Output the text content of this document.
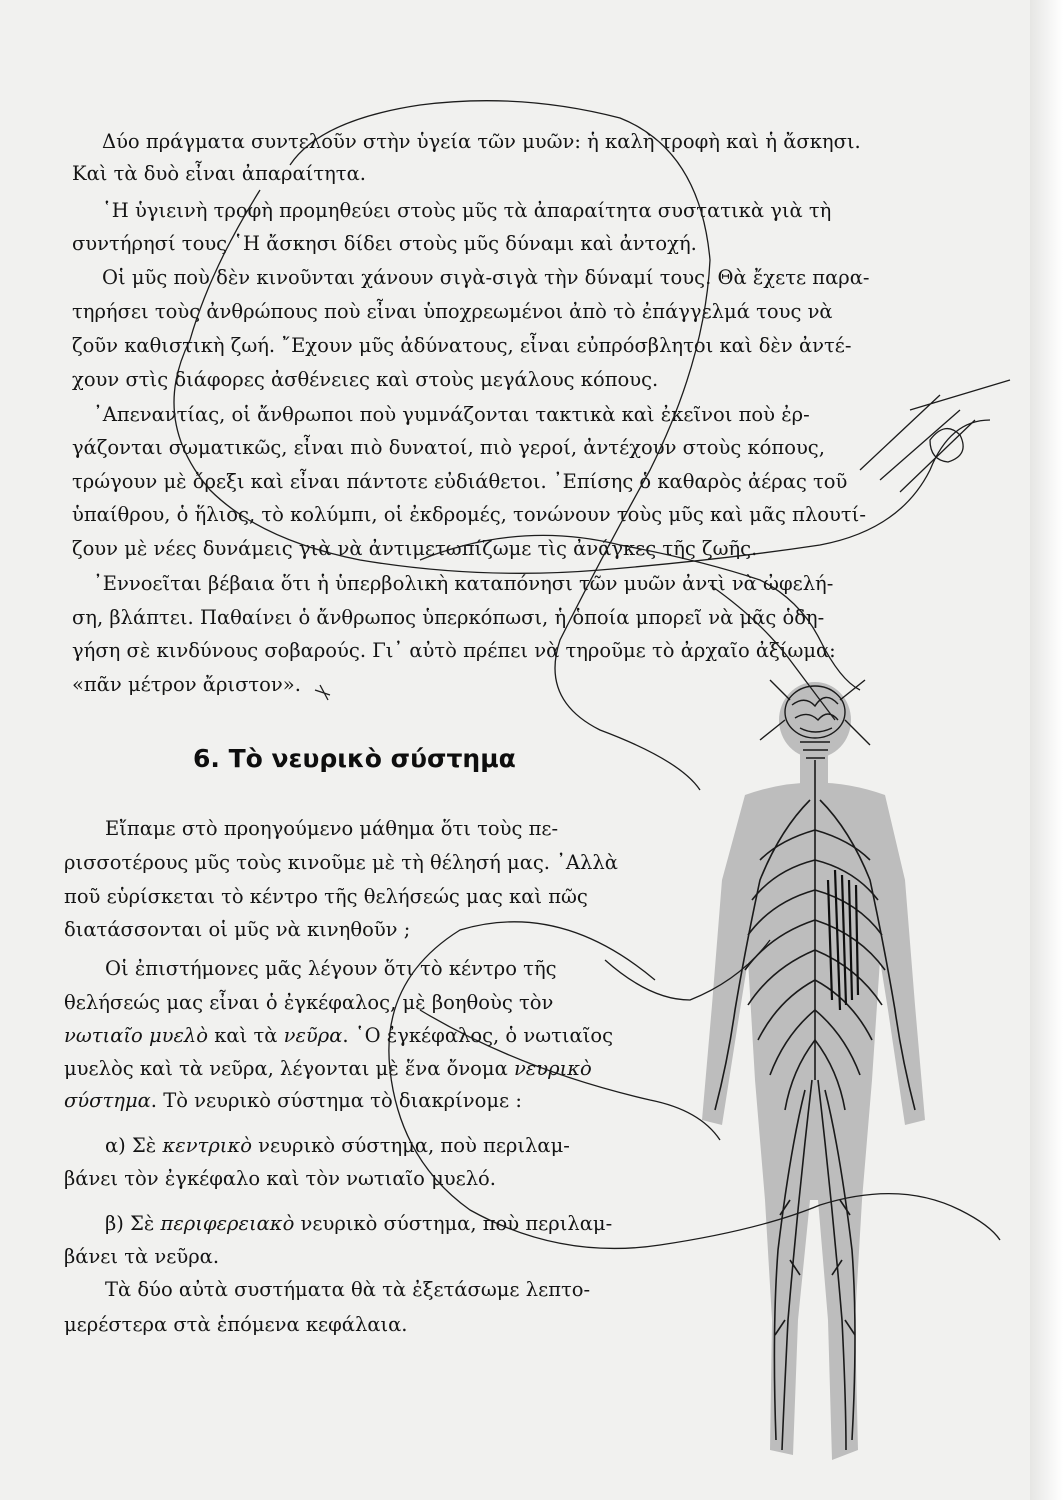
Δύο πράγματα συντελοῦν στὴν ὑγεία τῶν μυῶν: ἡ καλὴ τροφὴ καὶ ἡ ἄσκησι.

Καὶ τὰ δυὸ εἶναι ἀπαραίτητα.

῾Η ὑγιεινὴ τροφὴ προμηθεύει στοὺς μῦς τὰ ἀπαραίτητα συστατικὰ γιὰ τὴ

συντήρησί τους ῾Η ἄσκησι δίδει στοὺς μῦς δύναμι καὶ ἀντοχή.

Οἱ μῦς ποὺ δὲν κινοῦνται χάνουν σιγὰ-σιγὰ τὴν δύναμί τους. Θὰ ἔχετε παρα-

τηρήσει τοὺς ἀνθρώπους ποὺ εἶναι ὑποχρεωμένοι ἀπὸ τὸ ἐπάγγελμά τους νὰ

ζοῦν καθιστικὴ ζωή. ῎Εχουν μῦς ἀδύνατους, εἶναι εὐπρόσβλητοι καὶ δὲν ἀντέ-

χουν στὶς διάφορες ἀσθένειες καὶ στοὺς μεγάλους κόπους.

᾽Απεναντίας, οἱ ἄνθρωποι ποὺ γυμνάζονται τακτικὰ καὶ ἐκεῖνοι ποὺ ἐρ-

γάζονται σωματικῶς, εἶναι πιὸ δυνατοί, πιὸ γεροί, ἀντέχουν στοὺς κόπους,

τρώγουν μὲ ὄρεξι καὶ εἶναι πάντοτε εὐδιάθετοι. ᾽Επίσης ὁ καθαρὸς ἀέρας τοῦ

ὑπαίθρου, ὁ ἥλιος, τὸ κολύμπι, οἱ ἐκδρομές, τονώνουν τοὺς μῦς καὶ μᾶς πλουτί-

ζουν μὲ νέες δυνάμεις γιὰ νὰ ἀντιμετωπίζωμε τὶς ἀνάγκες τῆς ζωῆς.

᾽Εννοεῖται βέβαια ὅτι ἡ ὑπερβολικὴ καταπόνησι τῶν μυῶν ἀντὶ νὰ ὠφελή-

ση, βλάπτει. Παθαίνει ὁ ἄνθρωπος ὑπερκόπωσι, ἡ ὁποία μπορεῖ νὰ μᾶς ὁδη-

γήση σὲ κινδύνους σοβαρούς. Γι᾽ αὐτὸ πρέπει νὰ τηροῦμε τὸ ἀρχαῖο ἀξίωμα:

«πᾶν μέτρον ἄριστον».

6. Τὸ νευρικὸ σύστημα

Εἴπαμε στὸ προηγούμενο μάθημα ὅτι τοὺς πε-

ρισσοτέρους μῦς τοὺς κινοῦμε μὲ τὴ θέλησή μας. ᾽Αλλὰ

ποῦ εὑρίσκεται τὸ κέντρο τῆς θελήσεώς μας καὶ πῶς

διατάσσονται οἱ μῦς νὰ κινηθοῦν ;

Οἱ ἐπιστήμονες μᾶς λέγουν ὅτι τὸ κέντρο τῆς

θελήσεώς μας εἶναι ὁ ἐγκέφαλος, μὲ βοηθοὺς τὸν

νωτιαῖο μυελὸ καὶ τὰ νεῦρα. ῾Ο ἐγκέφαλος, ὁ νωτιαῖος

μυελὸς καὶ τὰ νεῦρα, λέγονται μὲ ἕνα ὄνομα νευρικὸ

σύστημα. Τὸ νευρικὸ σύστημα τὸ διακρίνομε :

α) Σὲ κεντρικὸ νευρικὸ σύστημα, ποὺ περιλαμ-

βάνει τὸν ἐγκέφαλο καὶ τὸν νωτιαῖο μυελό.

β) Σὲ περιφερειακὸ νευρικὸ σύστημα, ποὺ περιλαμ-

βάνει τὰ νεῦρα.

Τὰ δύο αὐτὰ συστήματα θὰ τὰ ἐξετάσωμε λεπτο-

μερέστερα στὰ ἑπόμενα κεφάλαια.
